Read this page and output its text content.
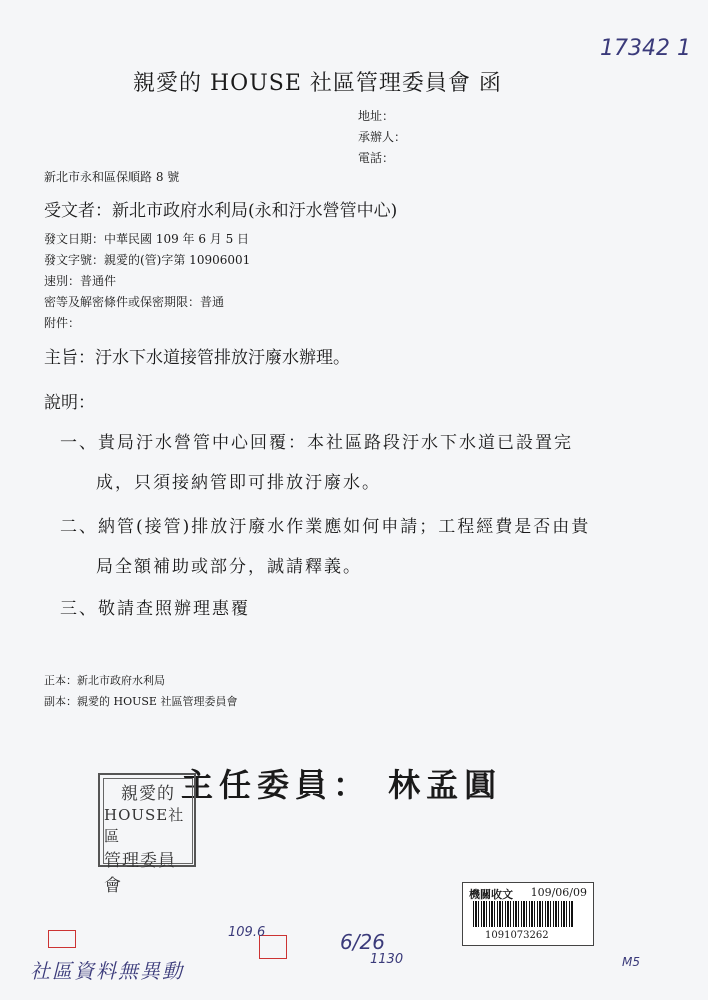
17342 1
親愛的 HOUSE 社區管理委員會 函
地址：
承辦人：
電話：
新北市永和區保順路 8 號
受文者：新北市政府水利局(永和汙水營管中心)
發文日期：中華民國 109 年 6 月 5 日
發文字號：親愛的(管)字第 10906001
速別：普通件
密等及解密條件或保密期限：普通
附件：
主旨：汙水下水道接管排放汙廢水辦理。
說明：
一、貴局汙水營管中心回覆：本社區路段汙水下水道已設置完
成，只須接納管即可排放汙廢水。
二、納管(接管)排放汙廢水作業應如何申請；工程經費是否由貴
局全額補助或部分，誠請釋義。
三、敬請查照辦理惠覆
正本：新北市政府水利局
副本：親愛的 HOUSE 社區管理委員會
主任委員： 林孟圓
親愛的
HOUSE社區
管理委員會	機關收文 109/06/09
1091073262
109.6	6/26
1130	M5
社區資料無異動
